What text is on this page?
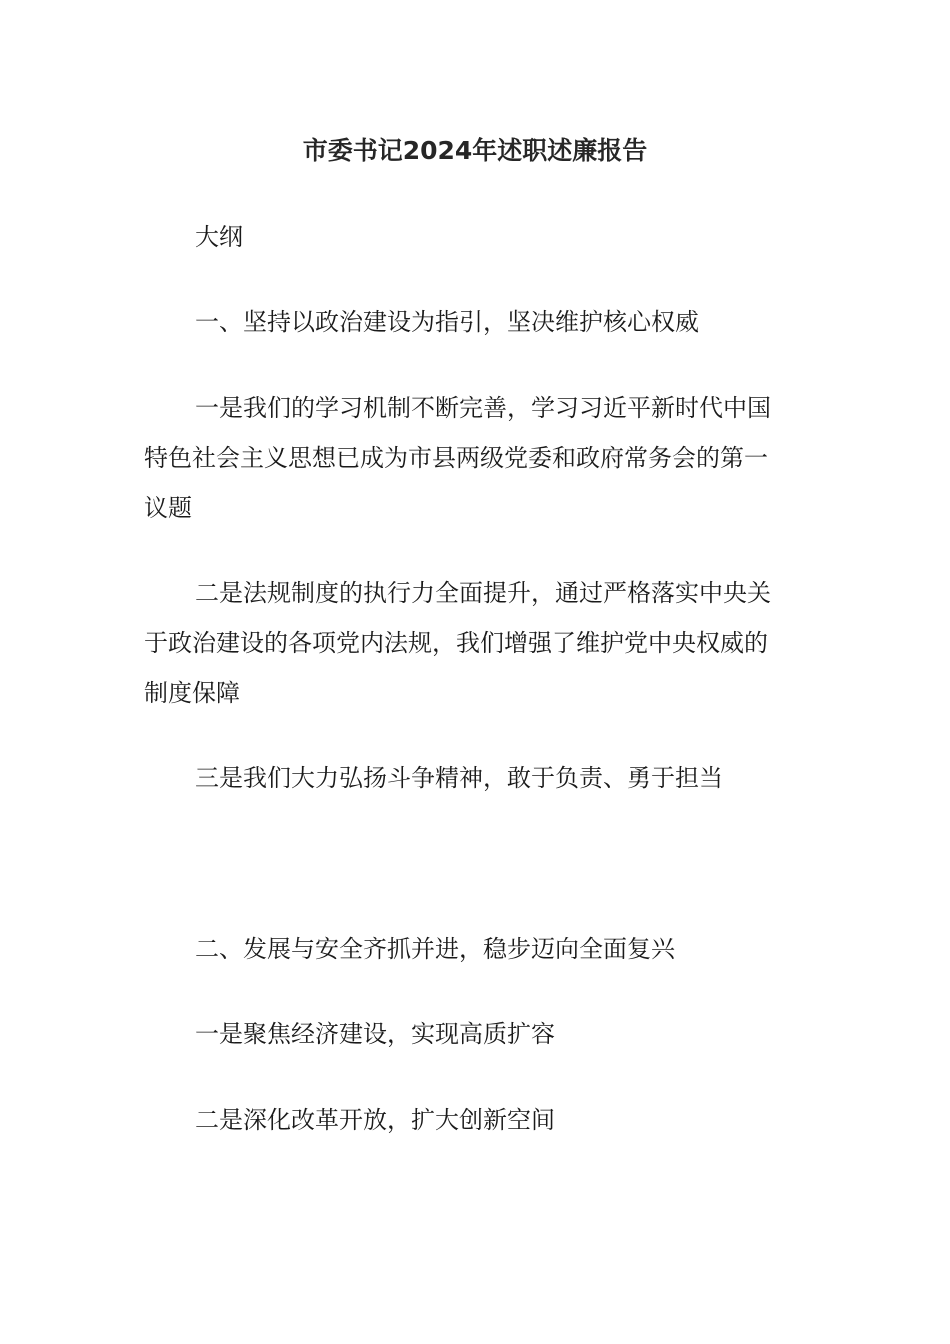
市委书记2024年述职述廉报告
大纲
一、坚持以政治建设为指引，坚决维护核心权威
一是我们的学习机制不断完善，学习习近平新时代中国特色社会主义思想已成为市县两级党委和政府常务会的第一议题
二是法规制度的执行力全面提升，通过严格落实中央关于政治建设的各项党内法规，我们增强了维护党中央权威的制度保障
三是我们大力弘扬斗争精神，敢于负责、勇于担当
二、发展与安全齐抓并进，稳步迈向全面复兴
一是聚焦经济建设，实现高质扩容
二是深化改革开放，扩大创新空间
